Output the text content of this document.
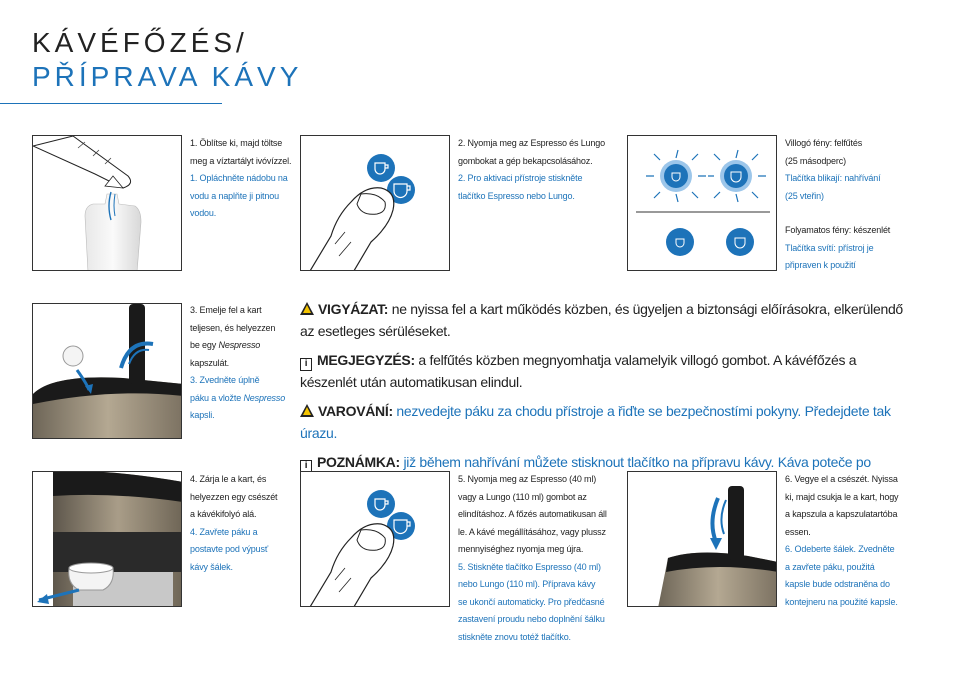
KÁVÉFŐZÉS/
PŘÍPRAVA KÁVY
1. Öblítse ki, majd töltse
meg a víztartályt ivóvízzel.
1. Opláchněte nádobu na
vodu a naplňte ji pitnou
vodou.
2. Nyomja meg az Espresso és Lungo
gombokat a gép bekapcsolásához.
2. Pro aktivaci přístroje stiskněte
tlačítko Espresso nebo Lungo.
Villogó fény: felfűtés
(25 másodperc)
Tlačítka blikají: nahřívání
(25 vteřin)
Folyamatos fény: készenlét
Tlačítka svítí: přístroj je
připraven k použití
3. Emelje fel a kart
teljesen, és helyezzen
be egy Nespresso
kapszulát.
3. Zvedněte úplně
páku a vložte Nespresso
kapsli.
VIGYÁZAT: ne nyissa fel a kart működés közben, és ügyeljen a biztonsági előírásokra, elkerülendő az esetleges sérüléseket.
i MEGJEGYZÉS: a felfűtés közben megnyomhatja valamelyik villogó gombot. A kávéfőzés a készenlét után automatikusan elindul.
VAROVÁNÍ: nezvedejte páku za chodu přístroje a řiďte se bezpečnostími pokyny. Předejdete tak úrazu.
i POZNÁMKA: již během nahřívání můžete stisknout tlačítko na přípravu kávy. Káva poteče po
4. Zárja le a kart, és
helyezzen egy csészét
a kávékifolyó alá.
4. Zavřete páku a
postavte pod výpusť
kávy šálek.
5. Nyomja meg az Espresso (40 ml)
vagy a Lungo (110 ml) gombot az
elindításhoz. A főzés automatikusan áll
le. A kávé megállításához, vagy plussz
mennyiséghez nyomja meg újra.
5. Stiskněte tlačítko Espresso (40 ml)
nebo Lungo (110 ml). Příprava kávy
se ukončí automaticky. Pro předčasné
zastavení proudu nebo doplnění šálku
stiskněte znovu totéž tlačítko.
6. Vegye el a csészét. Nyissa
ki, majd csukja le a kart, hogy
a kapszula a kapszulatartóba
essen.
6. Odeberte šálek. Zvedněte
a zavřete páku, použitá
kapsle bude odstraněna do
kontejneru na použité kapsle.
